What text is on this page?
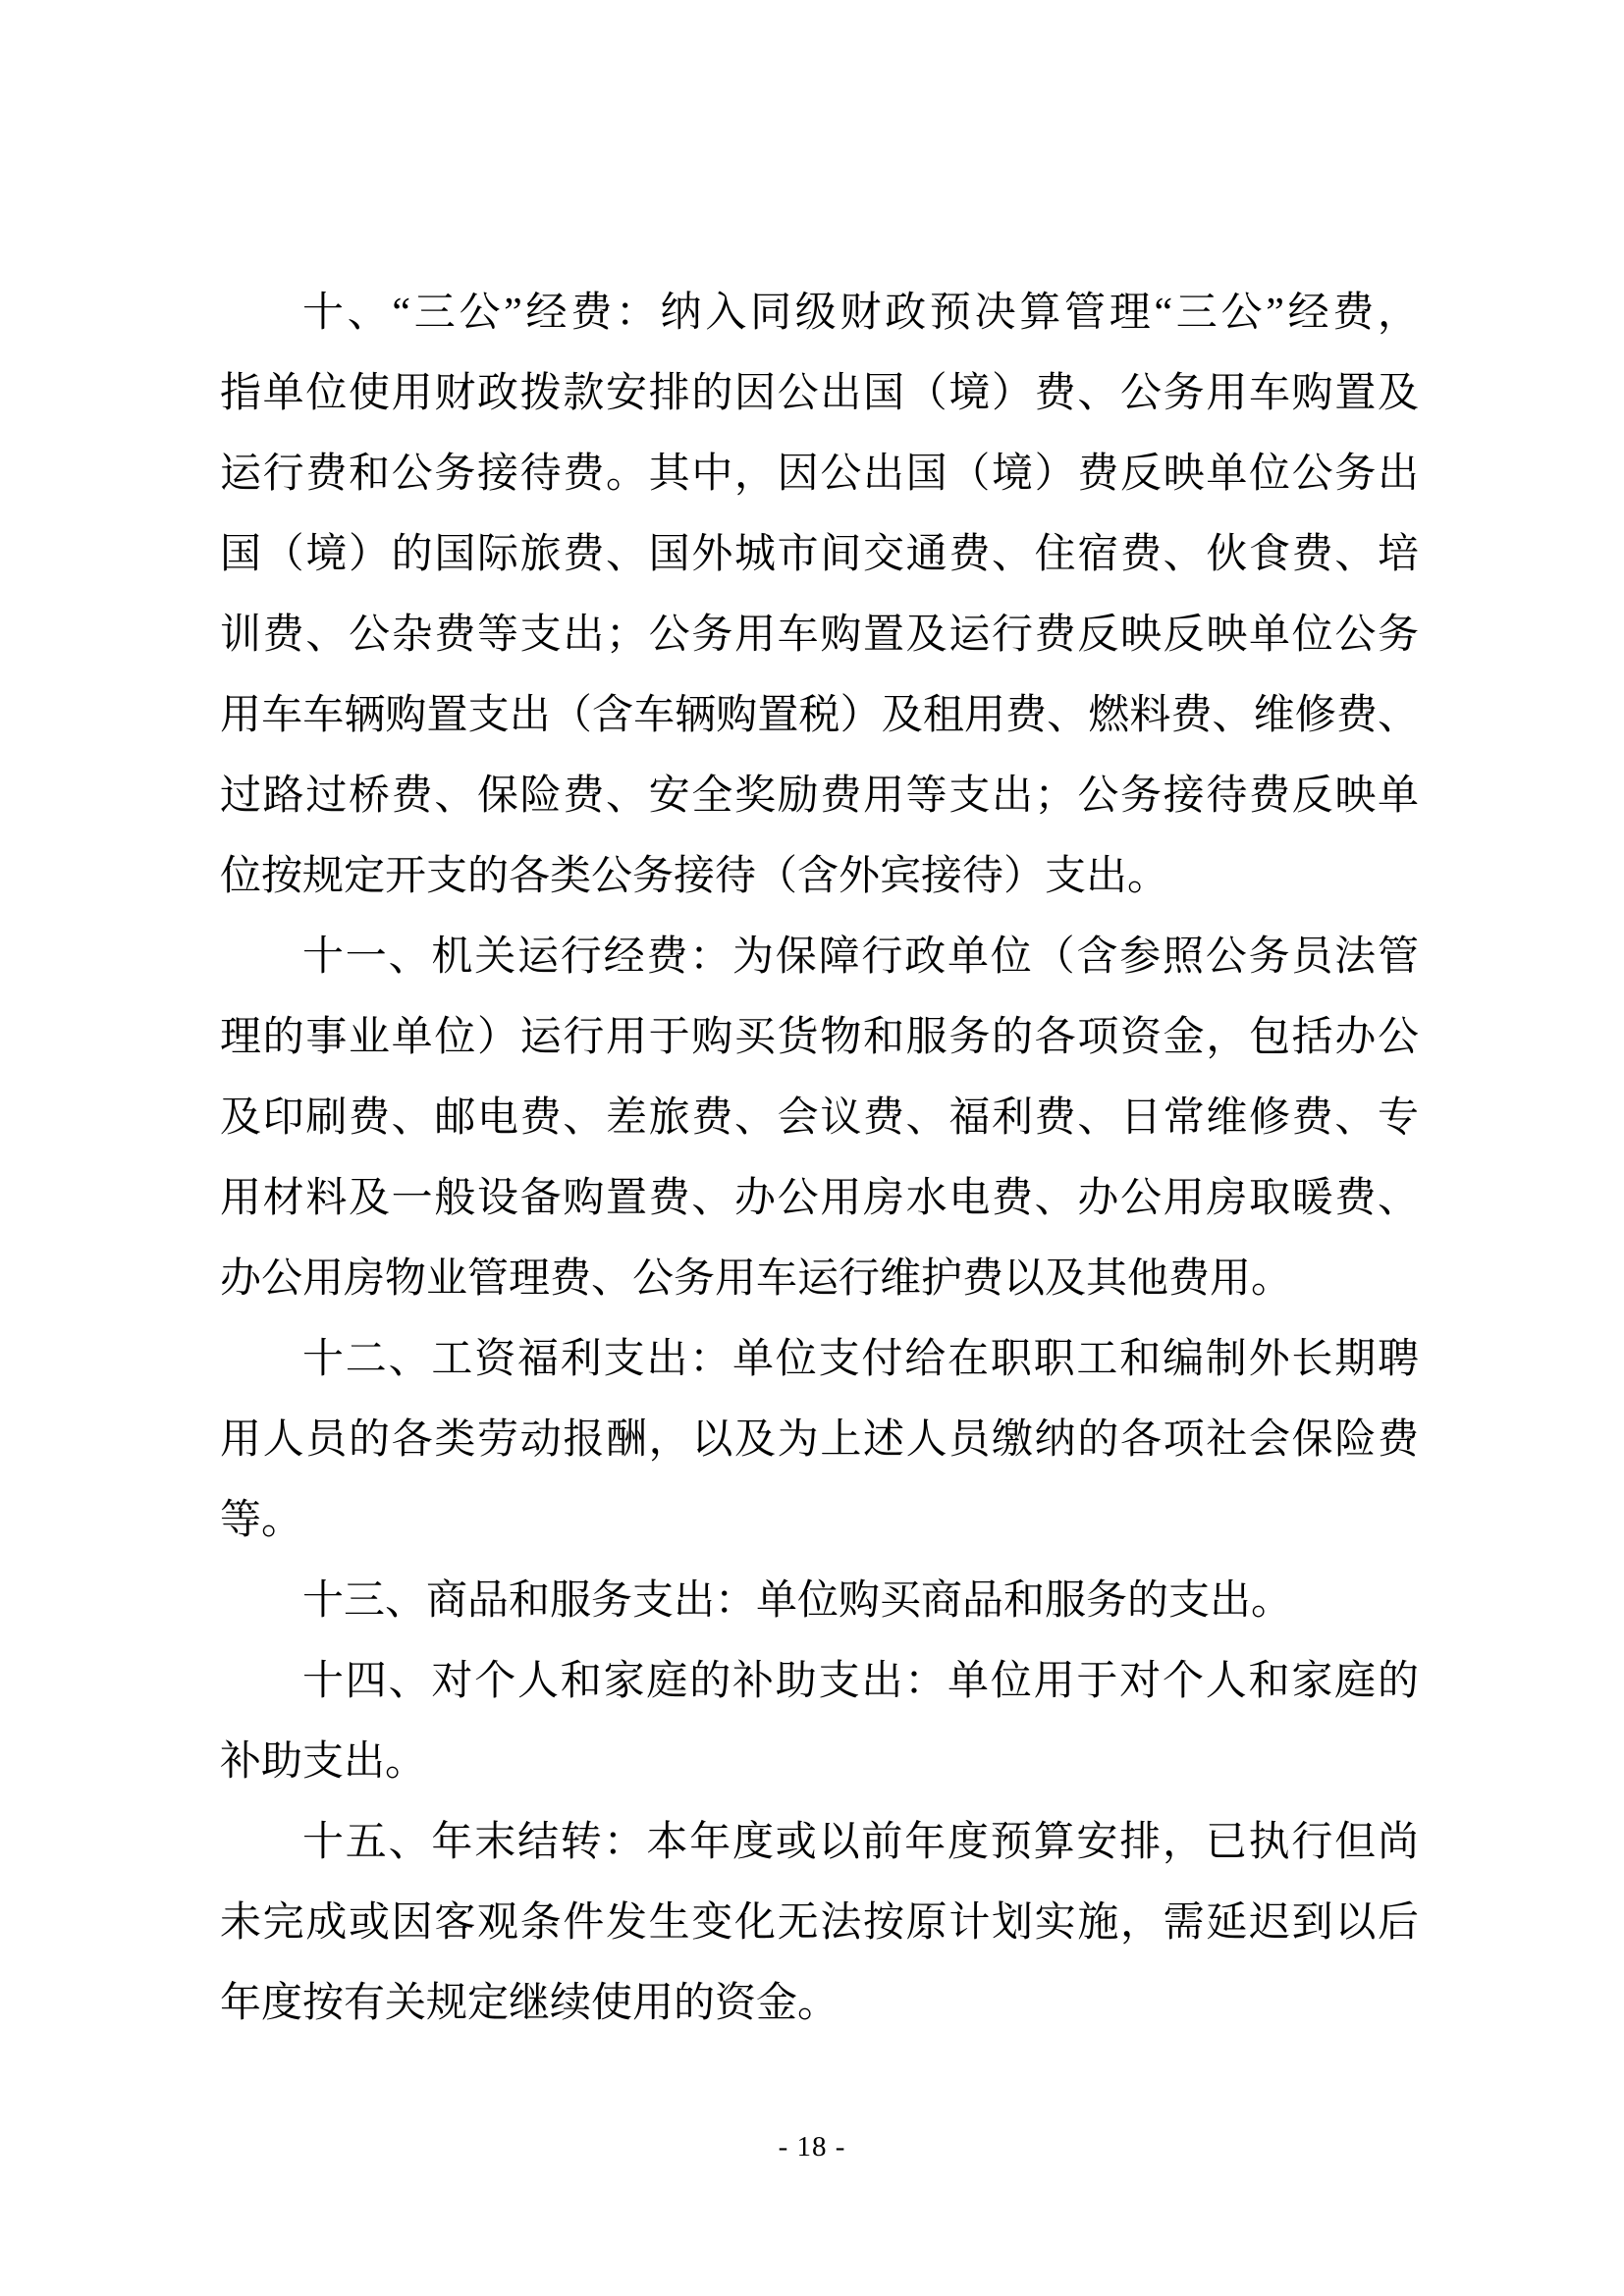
十、“三公”经费：纳入同级财政预决算管理“三公”经费，
指单位使用财政拨款安排的因公出国（境）费、公务用车购置及
运行费和公务接待费。其中，因公出国（境）费反映单位公务出
国（境）的国际旅费、国外城市间交通费、住宿费、伙食费、培
训费、公杂费等支出；公务用车购置及运行费反映反映单位公务
用车车辆购置支出（含车辆购置税）及租用费、燃料费、维修费、
过路过桥费、保险费、安全奖励费用等支出；公务接待费反映单
位按规定开支的各类公务接待（含外宾接待）支出。
十一、机关运行经费：为保障行政单位（含参照公务员法管
理的事业单位）运行用于购买货物和服务的各项资金，包括办公
及印刷费、邮电费、差旅费、会议费、福利费、日常维修费、专
用材料及一般设备购置费、办公用房水电费、办公用房取暖费、
办公用房物业管理费、公务用车运行维护费以及其他费用。
十二、工资福利支出：单位支付给在职职工和编制外长期聘
用人员的各类劳动报酬，以及为上述人员缴纳的各项社会保险费
等。
十三、商品和服务支出：单位购买商品和服务的支出。
十四、对个人和家庭的补助支出：单位用于对个人和家庭的
补助支出。
十五、年末结转：本年度或以前年度预算安排，已执行但尚
未完成或因客观条件发生变化无法按原计划实施，需延迟到以后
年度按有关规定继续使用的资金。
- 18 -
